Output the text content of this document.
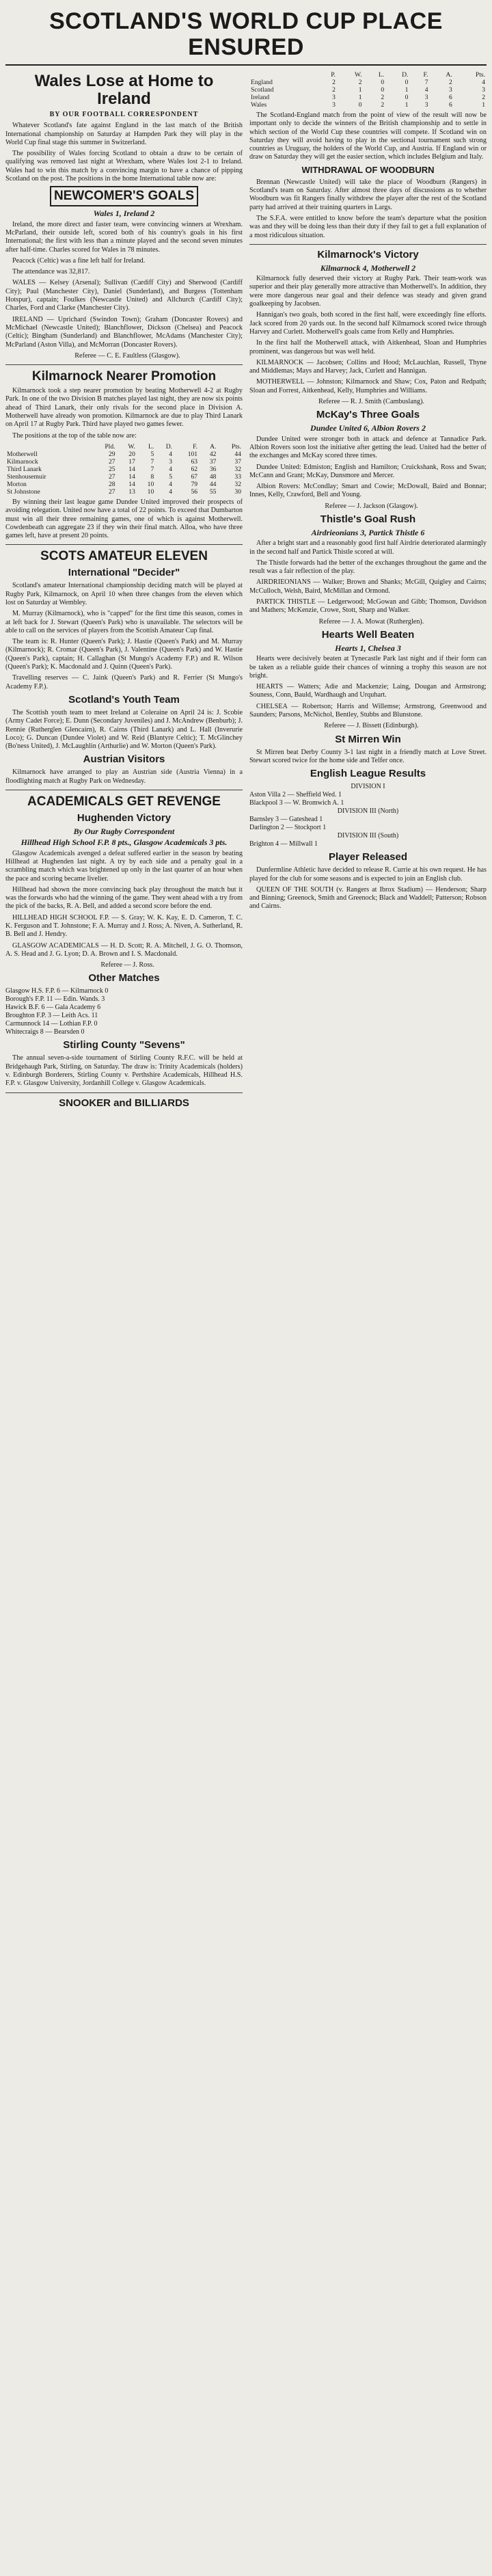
SCOTLAND'S WORLD CUP PLACE ENSURED
Wales Lose at Home to Ireland
BY OUR FOOTBALL CORRESPONDENT

Whatever Scotland's fate against England in the last match of the British International championship on Saturday at Hampden Park they will play in the World Cup final stage this summer in Switzerland.

The possibility of Wales forcing Scotland to obtain a draw to be certain of qualifying was removed last night at Wrexham, where Wales lost 2-1 to Ireland. Wales had to win this match by a convincing margin to have a chance of pipping Scotland on the post. The positions in the home International table now are:

NEWCOMER'S GOALS
Wales 1, Ireland 2

Ireland, the more direct and faster team, were convincing winners at Wrexham. McParland, their outside left, scored both of his country's goals in his first International; the first with less than a minute played and the second seven minutes after half-time. Charles scored for Wales in 78 minutes.

Peacock (Celtic) was a fine left half for Ireland.

The attendance was 32,817.

WALES — Kelsey (Arsenal); Sullivan (Cardiff City) and Sherwood (Cardiff City); Paul (Manchester City), Daniel (Sunderland), and Burgess (Tottenham Hotspur), captain; Foulkes (Newcastle United) and Allchurch (Cardiff City); Charles, Ford and Clarke (Manchester City).

IRELAND — Uprichard (Swindon Town); Graham (Doncaster Rovers) and McMichael (Newcastle United); Blanchflower, Dickson (Chelsea) and Peacock (Celtic); Bingham (Sunderland) and Blanchflower, McAdams (Manchester City); McParland (Aston Villa), and McMorran (Doncaster Rovers).

Referee — C. E. Faultless (Glasgow).

Kilmarnock Nearer Promotion

Kilmarnock took a step nearer promotion by beating Motherwell 4-2 at Rugby Park. In one of the two Division B matches played last night, they are now six points ahead of Third Lanark, their only rivals for the second place in Division A. Motherwell have already won promotion. Kilmarnock are due to play Third Lanark on April 17 at Rugby Park. Third have played two games fewer.

The positions at the top of the table now are:

	Pld.	W.	L.	D.	F.	A.	Pts.
Motherwell	29	20	5	4	101	42	44
Kilmarnock	27	17	7	3	63	37	37
Third Lanark	25	14	7	4	62	36	32
Stenhousemuir	27	14	8	5	67	48	33
Morton	28	14	10	4	79	44	32
St Johnstone	27	13	10	4	56	55	30

By winning their last league game Dundee United improved their prospects of avoiding relegation. United now have a total of 22 points. To exceed that Dumbarton must win all their three remaining games, one of which is against Motherwell. Cowdenbeath can aggregate 23 if they win their final match. Alloa, who have three games left, have at present 20 points.

SCOTS AMATEUR ELEVEN
International "Decider"

Scotland's amateur International championship deciding match will be played at Rugby Park, Kilmarnock, on April 10 when three changes from the eleven which lost on Saturday at Wembley.

M. Murray (Kilmarnock), who is "capped" for the first time this season, comes in at left back for J. Stewart (Queen's Park) who is unavailable. The selectors will be able to call on the services of players from the Scottish Amateur Cup final.

The team is: R. Hunter (Queen's Park); J. Hastie (Queen's Park) and M. Murray (Kilmarnock); R. Cromar (Queen's Park), J. Valentine (Queen's Park) and W. Hastie (Queen's Park), captain; H. Callaghan (St Mungo's Academy F.P.) and R. Wilson (Queen's Park); K. Macdonald and J. Quinn (Queen's Park).

Travelling reserves — C. Jaink (Queen's Park) and R. Ferrier (St Mungo's Academy F.P.).

Scotland's Youth Team

The Scottish youth team to meet Ireland at Coleraine on April 24 is: J. Scobie (Army Cadet Force); E. Dunn (Secondary Juveniles) and J. McAndrew (Benburb); J. Rennie (Rutherglen Glencairn), R. Cairns (Third Lanark) and L. Hall (Inverurie Loco); G. Duncan (Dundee Violet) and W. Reid (Blantyre Celtic); T. McGlinchey (Bo'ness United), J. McLaughlin (Arthurlie) and W. Morton (Queen's Park).

Austrian Visitors

Kilmarnock have arranged to play an Austrian side (Austria Vienna) in a floodlighting match at Rugby Park on Wednesday.

ACADEMICALS GET REVENGE
Hughenden Victory
By Our Rugby Correspondent
Hillhead High School F.P. 8 pts., Glasgow Academicals 3 pts.

Glasgow Academicals avenged a defeat suffered earlier in the season by beating Hillhead at Hughenden last night. A try by each side and a penalty goal in a scrambling match which was brightened up only in the last quarter of an hour when the pace and scoring became livelier.

Hillhead had shown the more convincing back play throughout the match but it was the forwards who had the winning of the game. They went ahead with a try from the pick of the backs, R. A. Bell, and added a second score before the end.

HILLHEAD HIGH SCHOOL F.P. — S. Gray; W. K. Kay, E. D. Cameron, T. C. K. Ferguson and T. Johnstone; F. A. Murray and J. Ross; A. Niven, A. Sutherland, R. B. Bell and J. Hendry.

GLASGOW ACADEMICALS — H. D. Scott; R. A. Mitchell, J. G. O. Thomson, A. S. Head and J. G. Lyon; D. A. Brown and I. S. Macdonald.

Referee — J. Ross.

Other Matches
Glasgow H.S. F.P. 6 — Kilmarnock 0
Borough's F.P. 11 — Edin. Wands. 3
Hawick B.F. 6 — Gala Academy 6
Broughton F.P. 3 — Leith Acs. 11
Carmunnock 14 — Lothian F.P. 0
Whitecraigs 8 — Bearsden 0
Stirling County "Sevens"

The annual seven-a-side tournament of Stirling County R.F.C. will be held at Bridgehaugh Park, Stirling, on Saturday. The draw is: Trinity Academicals (holders) v. Edinburgh Borderers, Stirling County v. Perthshire Academicals, Hillhead H.S. F.P. v. Glasgow University, Jordanhill College v. Glasgow Academicals.

SNOOKER and BILLIARDS
	P.	W.	L.	D.	F.	A.	Pts.
England	2	2	0	0	7	2	4
Scotland	2	1	0	1	4	3	3
Ireland	3	1	2	0	3	6	2
Wales	3	0	2	1	3	6	1

The Scotland-England match from the point of view of the result will now be important only to decide the winners of the British championship and to settle in which section of the World Cup these countries will compete. If Scotland win on Saturday they will avoid having to play in the sectional tournament such strong countries as Uruguay, the holders of the World Cup, and Austria. If England win or draw on Saturday they will get the easier section, which includes Belgium and Italy.

WITHDRAWAL OF WOODBURN

Brennan (Newcastle United) will take the place of Woodburn (Rangers) in Scotland's team on Saturday. After almost three days of discussions as to whether Woodburn was fit Rangers finally withdrew the player after the rest of the Scotland party had arrived at their training quarters in Largs.

The S.F.A. were entitled to know before the team's departure what the position was and they will be doing less than their duty if they fail to get a full explanation of a most ridiculous situation.

Kilmarnock's Victory
Kilmarnock 4, Motherwell 2

Kilmarnock fully deserved their victory at Rugby Park. Their team-work was superior and their play generally more attractive than Motherwell's. In addition, they were more dangerous near goal and their defence was steady and given grand goalkeeping by Jacobsen.

Hannigan's two goals, both scored in the first half, were exceedingly fine efforts. Jack scored from 20 yards out. In the second half Kilmarnock scored twice through Harvey and Curlett. Motherwell's goals came from Kelly and Humphries.

In the first half the Motherwell attack, with Aitkenhead, Sloan and Humphries prominent, was dangerous but was well held.

KILMARNOCK — Jacobsen; Collins and Hood; McLauchlan, Russell, Thyne and Middlemas; Mays and Harvey; Jack, Curlett and Hannigan.

MOTHERWELL — Johnston; Kilmarnock and Shaw; Cox, Paton and Redpath; Sloan and Forrest, Aitkenhead, Kelly, Humphries and Williams.

Referee — R. J. Smith (Cambuslang).

McKay's Three Goals
Dundee United 6, Albion Rovers 2

Dundee United were stronger both in attack and defence at Tannadice Park. Albion Rovers soon lost the initiative after getting the lead. United had the better of the exchanges and McKay scored three times.

Dundee United: Edmiston; English and Hamilton; Cruickshank, Ross and Swan; McCann and Grant; McKay, Dunsmore and Mercer.

Albion Rovers: McCondlay; Smart and Cowie; McDowall, Baird and Bonnar; Innes, Kelly, Crawford, Bell and Young.

Referee — J. Jackson (Glasgow).

Thistle's Goal Rush
Airdrieonians 3, Partick Thistle 6

After a bright start and a reasonably good first half Airdrie deteriorated alarmingly in the second half and Partick Thistle scored at will.

The Thistle forwards had the better of the exchanges throughout the game and the result was a fair reflection of the play.

AIRDRIEONIANS — Walker; Brown and Shanks; McGill, Quigley and Cairns; McCulloch, Welsh, Baird, McMillan and Ormond.

PARTICK THISTLE — Ledgerwood; McGowan and Gibb; Thomson, Davidson and Mathers; McKenzie, Crowe, Stott, Sharp and Walker.

Referee — J. A. Mowat (Rutherglen).

Hearts Well Beaten
Hearts 1, Chelsea 3

Hearts were decisively beaten at Tynecastle Park last night and if their form can be taken as a reliable guide their chances of winning a trophy this season are not bright.

HEARTS — Watters; Adie and Mackenzie; Laing, Dougan and Armstrong; Souness, Conn, Bauld, Wardhaugh and Urquhart.

CHELSEA — Robertson; Harris and Willemse; Armstrong, Greenwood and Saunders; Parsons, McNichol, Bentley, Stubbs and Blunstone.

Referee — J. Bissett (Edinburgh).

St Mirren Win

St Mirren beat Derby County 3-1 last night in a friendly match at Love Street. Stewart scored twice for the home side and Telfer once.

English League Results
DIVISION I
Aston Villa 2 — Sheffield Wed. 1
Blackpool 3 — W. Bromwich A. 1
DIVISION III (North)
Barnsley 3 — Gateshead 1
Darlington 2 — Stockport 1
DIVISION III (South)
Brighton 4 — Millwall 1
Player Released

Dunfermline Athletic have decided to release R. Currie at his own request. He has played for the club for some seasons and is expected to join an English club.

QUEEN OF THE SOUTH (v. Rangers at Ibrox Stadium) — Henderson; Sharp and Binning; Greenock, Smith and Greenock; Black and Waddell; Patterson; Robson and Cairns.
